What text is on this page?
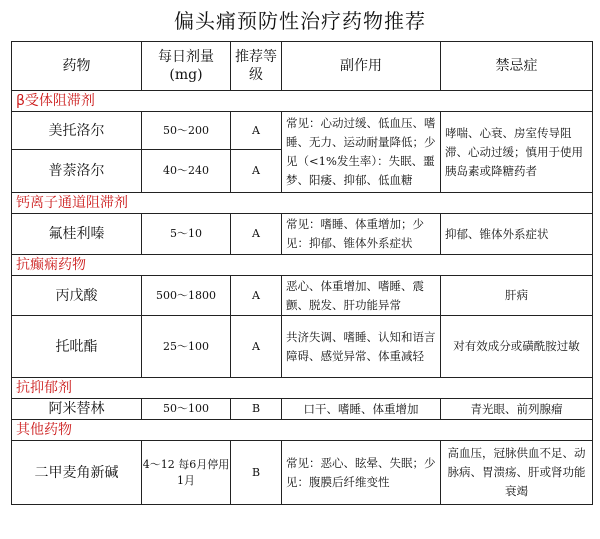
偏头痛预防性治疗药物推荐
药物	每日剂量(mg)	推荐等级	副作用	禁忌症
β受体阻滞剂				
美托洛尔	50～200	A	常见：心动过缓、低血压、嗜睡、无力、运动耐量降低；少见（<1%发生率）：失眠、噩梦、阳痿、抑郁、低血糖	哮喘、心衰、房室传导阻滞、心动过缓；慎用于使用胰岛素或降糖药者
普萘洛尔	40～240	A		
钙离子通道阻滞剂				
氟桂利嗪	5～10	A	常见：嗜睡、体重增加；少见：抑郁、锥体外系症状	抑郁、锥体外系症状
抗癫痫药物				
丙戊酸	500～1800	A	恶心、体重增加、嗜睡、震颤、脱发、肝功能异常	肝病
托吡酯	25～100	A	共济失调、嗜睡、认知和语言障碍、感觉异常、体重减轻	对有效成分或磺酰胺过敏
抗抑郁剂				
阿米替林	50～100	B	口干、嗜睡、体重增加	青光眼、前列腺瘤
其他药物				
二甲麦角新碱	4～12 每6月停用1月	B	常见：恶心、眩晕、失眠；少见：腹膜后纤维变性	高血压，冠脉供血不足、动脉病、胃溃疡、肝或肾功能衰竭
